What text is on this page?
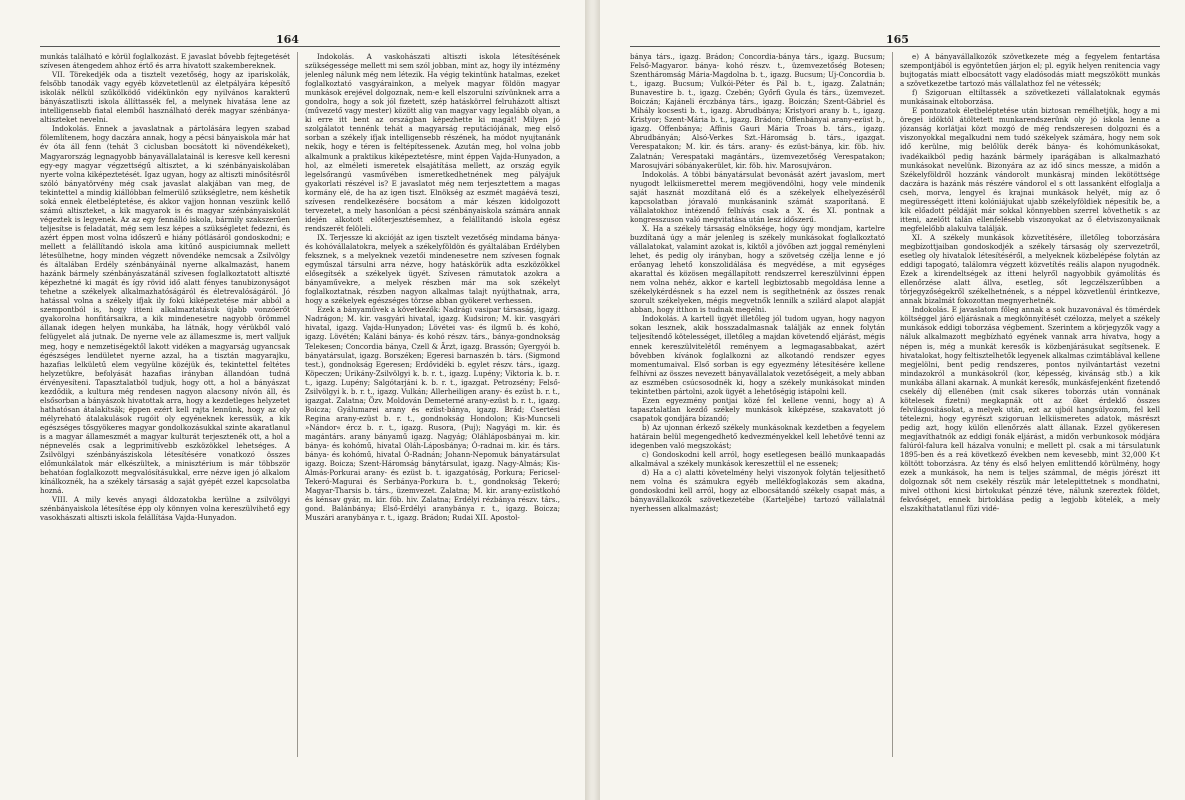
164

munkás található e körül foglalkozást. E javaslat bővebb fejtegetését szívesen átengedem ahhoz értő és arra hivatott szakembereknek.

VII. Törekedjék oda a tisztelt vezetőség, hogy az ipariskolák, felsőbb tanodák vagy egyéb közvetetlenül az életpályára képesítő iskolák nélkül szűkölködő vidékünkön egy nyilvános karakterű bányászatliszti iskola állíttassék fel, a melynek hivatása lene az intelligensebb fiatal elemből használható derék magyar szénbánya-altiszteket nevelni.

Indokolás. Ennek a javaslatnak a pártolására legyen szabad fölemlítenem, hogy daczára annak, hogy a pécsi bányaiskola már hat év óta áll fenn (tehát 3 ciclusban bocsátott ki növendékeket), Magyarország legnagyobb bányavállalatainál is keresve kell keresni egy-egy magyar végzettségű altisztet, a ki szénbányaiskolában nyerte volna kiképeztetését. Igaz ugyan, hogy az altiszti minősítésről szóló bányatörvény még csak javaslat alakjában van meg, de tekintettel a mindig kiállóbban felmerülő szükségletre, nem késhetik soká ennek életbeléptetése, és akkor vajjon honnan veszünk kellő számú altiszteket, a kik magyarok is és magyar szénbányaiskolát végeztek is legyenek. Az az egy fennálló iskola, bármily szakszerűen teljesítse is feladatát, még sem lesz képes a szükségletet fedezni, és azért éppen most volna időszerű e hiány pótlásáról gondoskodni; e mellett a felállítandó iskola ama kitűnő auspiciumnak mellett létesülhetne, hogy minden végzett növendéke nemcsak a Zsilvölgy és általában Erdély szénbányáinál nyerne alkalmazást, hanem hazánk bármely szénbányászatánál szívesen foglalkoztatott altiszté képezhetné ki magát és így rövid idő alatt fényes tanubizonyságot tehetne a székelyek alkalmazhatóságáról és életrevalóságáról. Jó hatással volna a székely ifjak ily fokú kiképeztetése már abból a szempontból is, hogy itteni alkalmaztatásuk újabb vonzóerőt gyakorolna honfitársaikra, a kik mindenesetre nagyobb örömmel állanak idegen helyen munkába, ha látnák, hogy vérükből való felügyelet alá jutnak. De nyerne vele az állameszme is, mert valljuk meg, hogy e nemzetiségektől lakott vidéken a magyarság ugyancsak égészséges lendületet nyerne azzal, ha a tisztán magyarajku, hazafias lelkületű elem vegyülne közéjük és, tekintettel feltétes helyzetükre, befolyását hazafias irányban állandóan tudná érvényesíteni. Tapasztalatból tudjuk, hogy ott, a hol a bányászat kezdődik, a kultura még rendesen nagyon alacsony nívón áll, és elsősorban a bányászok hivatottak arra, hogy a kezdetleges helyzetet hathatósan átalakítsák; éppen ezért kell rajta lennünk, hogy az oly mélyreható átalakulások rugóit oly egyéneknek keressük, a kik egészséges tősgyökeres magyar gondolkozásukkal szinte akaratlanul is a magyar állameszmét a magyar kulturát terjesztenék ott, a hol a népnevelés csak a legprimitívebb eszközökkel lehetséges. A Zsilvölgyi szénbányásziskola létesítésére vonatkozó összes előmunkálatok már elkészültek, a minisztérium is már többször behatóan foglalkozott megvalósításukkal, erre nézve igen jó alkalom kínálkoznék, ha a székely társaság a saját gyépét ezzel kapcsolatba hozná.

VIII. A mily kevés anyagi áldozatokba kerülne a zsilvölgyi szénbányaiskola létesítése épp oly könnyen volna kereszülvihető egy vasokhászati altiszti iskola felállítása Vajda-Hunyadon.

Indokolás. A vaskohászati altiszti iskola létesítésének szükségessége mellett mi sem szól jobban, mint az, hogy ily intézmény jelenleg nálunk még nem létezik. Ha végig tekintünk hatalmas, ezeket foglalkoztató vasgyárainkon, a melyek magyar földön magyar munkások erejével dolgoznak, nem-e kell elszorulni szívünknek arra a gondolra, hogy a sok jól fizetett, szép hatáskörrel felruházott altiszt (művezető vagy mester) között alig van magyar vagy legalább olyan, a ki erre itt bent az országban képezhette ki magát! Milyen jó szolgálatot tennénk tehát a magyarság reputációjának, meg első sorban a székely ifjak intelligensebb részének, ha módot nyujtanánk nekik, hogy e téren is feltépítessenek. Azután meg, hol volna jobb alkalmunk a praktikus kiképeztetésre, mint éppen Vajda-Hunyadon, a hol, az elméleti ismeretek elsajátítása mellett, az ország egyik legelsőrangú vasművében ismeretkedhetnének meg pályájuk gyakorlati részével is? E javaslatot még nem terjesztettem a magas kormány elé, de ha az igen tiszt. Elnökség az eszmét magáévá teszi, szívesen rendelkezésére bocsátom a már készen kidolgozott tervezetet, a mely hasonlóan a pécsi szénbányaiskola számára annak idején alkotott előterjesztésemhez, a felállítandó iskola egész rendszerét felöleli.

IX. Terjessze ki akcióját az igen tisztelt vezetőség mindama bánya- és kohóvállalatokra, melyek a székelyföldön és gyáltalában Erdélyben feksznek, s a melyeknek vezetői mindenesetre nem szívesen fognak egyműszal társulni arra nézve, hogy hatáskörük adta eszközökkel elősegítsék a székelyek ügyét. Szívesen rámutatok azokra a bányaművekre, a melyek részben már ma sok székelyt foglalkoztatnak, részben nagyon alkalmas talajt nyújthatnak, arra, hogy a székelyek egészséges törzse abban gyökeret verhessen.

Ezek a bányaművek a következők: Nadrági vasipar társaság, igazg. Nadrágon; M. kir. vasgyári hivatal, igazg. Kudsiron; M. kir. vasgyári hivatal, igazg. Vajda-Hunyadon; Lövétei vas- és ilgmű b. és kohó, igazg. Lövétén; Kaláni bánya- és kohó részv. társ., bánya-gondnokság Telekesen; Concordia bánya, Czell & Ärzt, igazg. Brassón; Gyergyói b. bányatársulat, igazg. Borszéken; Egeresi barnaszén b. társ. (Sigmond test.), gondnokság Egeresen; Erdővidéki b. egylet részv. társ., igazg. Köpeczen; Urikány-Zsilvölgyi k. b. r. t., igazg. Lupény; Viktoria k. b. r. t., igazg. Lupény; Salgótarjáni k. b. r. t., igazgat. Petrozsény; Felső-Zsilvölgyi k. b. r. t., igazg. Vulkán; Allerheiligen arany- és ezüst b. r. t., igazgat. Zalatna; Özv. Moldován Demeterné arany-ezüst b. r. t., igazg. Boicza; Gyálumarei arany és ezüst-bánya, igazg. Brád; Csertési Regina arany-ezüst b. r. t., gondnokság Hondolon; Kis-Muncseli »Nándor« ércz b. r. t., igazg. Rusora, (Puj); Nagyági m. kir. és magántárs. arany bányamű igazg. Nagyág; Oláhláposbányai m. kir. bánya- és kohómű, hivatal Oláh-Láposbánya; Ó-radnai m. kir. és társ. bánya- és kohómű, hivatal Ó-Radnán; Johann-Nepomuk bányatársulat igazg. Boicza; Szent-Háromság bánytársulat, igazg. Nagy-Almás; Kis-Almás-Porkurai arany- és ezüst b. t. igazgatóság, Porkura; Fericsel-Tekeró-Magurai és Serbánya-Porkura b. t., gondnokság Tekeró; Magyar-Tharsis b. társ., üzemvezet. Zalatna; M. kir. arany-ezüstkohó és kénsav gyár, m. kir. föb. hiv. Zalatna; Erdélyi rézbánya részv. társ., gond. Balánbánya; Első-Erdélyi aranybánya r. t., igazg. Boicza; Muszári aranybánya r. t., igazg. Brádon; Rudai XII. Apostol-

165

bánya társ., igazg. Brádon; Concordia-bánya társ., igazg. Bucsum; Felső-Magyaror. bánya- kohó részv. t., üzemvezetőség Botesen; Szentháromság Mária-Magdolna b. t., igazg. Bucsum; Uj-Concordia b. t., igazg. Bucsum; Vulkói-Péter és Pál b. t., igazg. Zalatnán; Bunavestire b. t., igazg. Czebén; Győrfi Gyula és társ., üzemvezet. Boiczán; Kajáneli érczbánya társ., igazg. Boiczán; Szent-Gábriel és Mihály kocsesti b. t., igazg. Abrudbánya; Kristyori arany b. t., igazg. Kristyor; Szent-Mária b. t., igazg. Brádon; Offenbányai arany-ezüst b., igazg. Offenbánya; Affinis Gauri Mária Troas b. társ., igazg. Abrudbányán; Alsó-Verkes Szt.-Háromság b. társ., igazgat. Verespatakon; M. kir. és társ. arany- és ezüst-bánya, kir. föb. hiv. Zalatnán; Verespataki magántárs., üzemvezetőség Verespatakon; Marosujvári sóbányakerület, kir. föb. hiv. Marosujváron.

Indokolás. A többi bányatársulat bevonását azért javaslom, mert nyugodt lelkiismerettel merem megjövendölni, hogy vele mindenik saját hasznát mozdítaná elő és a székelyek elhelyezéséről kapcsolatban jóravaló munkásanink számát szaporítaná. E vállalatokhoz intézendő felhívás csak a X. és XI. pontnak a kongresszuson való megvitatása után lesz időszerű.

X. Ha a székely társaság elnöksége, hogy úgy mondjam, kartelre buzdítaná úgy a már jelenleg is székely munkásokat foglalkoztató vállalatokat, valamint azokat is, kiktől a jövőben azt joggal reményleni lehet, és pedig oly irányban, hogy a szövetség czélja lenne e jó erőanyag lehető konszolidálása és megvédése, a mit egységes akarattal és közösen megállapított rendszerrel kereszülvinni éppen nem volna nehéz, akkor e kartell legbiztosabb megoldása lenne a székelykérdésnek s ha ezzel nem is segíthetnénk az összes renak szorult székelyeken, mégis megvetnők lennilk a szilárd alapot alapját abban, hogy itthon is tudnak megélni.

Indokolás. A kartell ügyét illetőleg jól tudom ugyan, hogy nagyon sokan lesznek, akik hosszadalmasnak találják az ennek folytán teljesítendő kötelességet, illetőleg a majdan követendő eljárást, mégis ennek kereszülvitelétől reményem a legmagasabbakat, azért bővebben kívánok foglalkozni az alkotandó rendszer egyes momentumaival. Első sorban is egy egyezmény létesítésére kellene felhívni az összes nevezett bányavállalatok vezetőségeit, a mely abban az eszmében csúcsosodnék ki, hogy a székely munkásokat minden tekintetben pártolni, azok ügyét a lehetőségig istápolni kell.

Ezen egyezmény pontjai közé fel kellene venni, hogy a) A tapasztalatlan kezdő székely munkások kiképzése, szakavatott jó csapatok gondjára bízandó;

b) Az ujonnan érkező székely munkásoknak kezdetben a fegyelem határain belül megengedhető kedvezményekkel kell lehetővé tenni az idegenben való megszokást;

c) Gondoskodni kell arról, hogy esetlegesen beálló munkaapadás alkalmával a székely munkások kereszettül el ne essenek;

d) Ha a c) alatti követelmény helyi viszonyok folytán teljesíthető nem volna és számukra egyéb mellékfoglakozás sem akadna, gondoskodni kell arról, hogy az elbocsátandó székely csapat más, a bányavállalkozók szövetkezetébe (Karteljébe) tartozó vállalatnál nyerhessen alkalmazást;

e) A bányavállalkozók szövetkezete még a fegyelem fentartása szempontjából is egyöntetűen járjon el; pl. egyik helyen renitencia vagy bujtogatás miatt elbocsátott vagy eladósodás miatt megszökött munkás a szövetkezetbe tartozó más vállalathoz fel ne vétessék;

f) Szigoruan eltiltassék a szövetkezeti vállalatoknak egymás munkásainak eltoborzása.

E pontozatok életbeléptetése után biztosan remélhetjük, hogy a mi öregei idöktöl átöltetett munkarendszerünk oly jó iskola lenne a józanság korlátjai közt mozgó de még rendszeresen dolgozni és a viszonyokkal megalkudni nem tudó székelyek számára, hogy nem sok idő kerülne, mig belőlük derék bánya- és kohómunkásokat, ivadékaikból pedig hazánk bármely iparágában is alkalmazható munkásokat nevelünk. Bizonyára az az idő sincs messze, a midőn a Székelyföldről hozzánk vándorolt munkásraj minden lekötöttsége daczára is hazánk más részére vándorol el s ott lassanként elfoglalja a cseh, morva, lengyel és krajnai munkások helyét, míg az ő megürességett itteni kolóniájukat ujabb székelyföldiek népesítik be, a kik előadott példáját már sokkal könnyebben szerrel követhetik s az itteni, azelőtt talán ellenfelésebb viszonyokat az ő életviszonyaiknak megfelelőbb alakulva találják.

XI. A székely munkások közvetítésére, illetőleg toborzására megbízottjaiban gondoskodjék a székely társaság oly szervezetről, esetleg oly hivatalok létesítéséről, a melyeknek közbelépése folytán az eddigi tapogató, találomra végzett közvetítés reális alapon nyugodnék. Ezek a kirendeltségek az itteni helyről nagyobbik gyámolítás és ellenőrzése alatt állva, esetleg, sőt legczélszerűbben a törjegyzőségekről székelhetnének, s a néppel közvetlenül érintkezve, annak bizalmát fokozottan megnyerhetnék.

Indokolás. E javaslatom főleg annak a sok huzavonával és tömérdek költséggel járó eljárásnak a megkönnyítését czélozza, melyet a székely munkások eddigi toborzása végbement. Szerintem a körjegyzők vagy a náluk alkalmazott megbízható egyének vannak arra hívatva, hogy a népen is, még a munkát keresők is közbenjárásukat segítsenek. E hivatalokat, hogy feltisztelhetők legyenek alkalmas czimtáblával kellene megjelölni, bent pedig rendszeres, pontos nyilvántartást vezetni mindazokról a munkásokról (kor, képesség, kivánság stb.) a kik munkába állani akarnak. A munkát keresők, munkásfejenként fizetendő csekély díj ellenében (mit csak sikeres toborzás után vonnának kötelesek fizetni) megkapnák ott az őket érdeklő összes felvilágosításokat, a melyek után, ezt az ujból hangsúlyozom, fel kell tételezni, hogy egyrészt szigoruan lelkiismeretes adatok, másrészt pedig azt, hogy külön ellenőrzés alatt állanak. Ezzel gyökeresen megjavíthatnók az eddigi fonák eljárást, a midőn verbunkosok módjára falúról-falura kell házalva vonulni; e mellett pl. csak a mi társulatunk 1895-ben és a reá következő években nem kevesebb, mint 32,000 K-t költött toborzásra. Az tény és első helyen emlittendő körülmény, hogy ezek a munkások, ha nem is teljes számmal, de mégis jórészt itt dolgoznak sőt nem csekély részük már letelepittetnek s mondhatni, mivel otthoni kicsi birtokukat pénzzé téve, nálunk szereztek földet, fekvőséget, ennek birtoklása pedig a legjobb kötelék, a mely elszakíthatatlanul fűzi vidé-
